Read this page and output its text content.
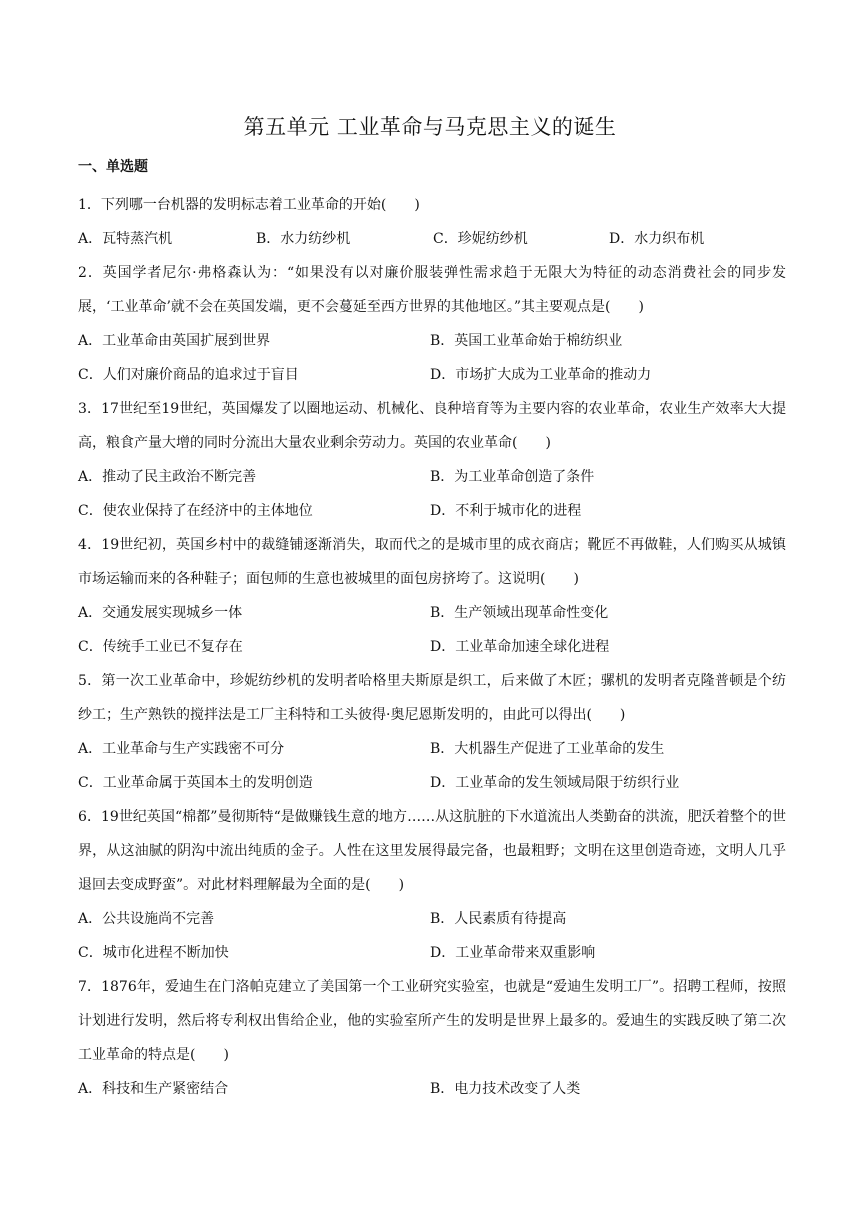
第五单元 工业革命与马克思主义的诞生
一、单选题

1．下列哪一台机器的发明标志着工业革命的开始(　　)

A．瓦特蒸汽机	B．水力纺纱机	C．珍妮纺纱机	D．水力织布机

2．英国学者尼尔·弗格森认为：“如果没有以对廉价服装弹性需求趋于无限大为特征的动态消费社会的同步发展，‘工业革命’就不会在英国发端，更不会蔓延至西方世界的其他地区。”其主要观点是(　　)

A．工业革命由英国扩展到世界	B．英国工业革命始于棉纺织业
C．人们对廉价商品的追求过于盲目	D．市场扩大成为工业革命的推动力

3．17世纪至19世纪，英国爆发了以圈地运动、机械化、良种培育等为主要内容的农业革命，农业生产效率大大提高，粮食产量大增的同时分流出大量农业剩余劳动力。英国的农业革命(　　)

A．推动了民主政治不断完善	B．为工业革命创造了条件
C．使农业保持了在经济中的主体地位	D．不利于城市化的进程

4．19世纪初，英国乡村中的裁缝铺逐渐消失，取而代之的是城市里的成衣商店；靴匠不再做鞋，人们购买从城镇市场运输而来的各种鞋子；面包师的生意也被城里的面包房挤垮了。这说明(　　)

A．交通发展实现城乡一体	B．生产领域出现革命性变化
C．传统手工业已不复存在	D．工业革命加速全球化进程

5．第一次工业革命中，珍妮纺纱机的发明者哈格里夫斯原是织工，后来做了木匠；骡机的发明者克隆普顿是个纺纱工；生产熟铁的搅拌法是工厂主科特和工头彼得·奥尼恩斯发明的，由此可以得出(　　)

A．工业革命与生产实践密不可分	B．大机器生产促进了工业革命的发生
C．工业革命属于英国本土的发明创造	D．工业革命的发生领域局限于纺织行业

6．19世纪英国“棉都”曼彻斯特“是做赚钱生意的地方……从这肮脏的下水道流出人类勤奋的洪流，肥沃着整个的世界，从这油腻的阴沟中流出纯质的金子。人性在这里发展得最完备，也最粗野；文明在这里创造奇迹，文明人几乎退回去变成野蛮”。对此材料理解最为全面的是(　　)

A．公共设施尚不完善	B．人民素质有待提高
C．城市化进程不断加快	D．工业革命带来双重影响

7．1876年，爱迪生在门洛帕克建立了美国第一个工业研究实验室，也就是“爱迪生发明工厂”。招聘工程师，按照计划进行发明，然后将专利权出售给企业，他的实验室所产生的发明是世界上最多的。爱迪生的实践反映了第二次工业革命的特点是(　　)

A．科技和生产紧密结合	B．电力技术改变了人类
